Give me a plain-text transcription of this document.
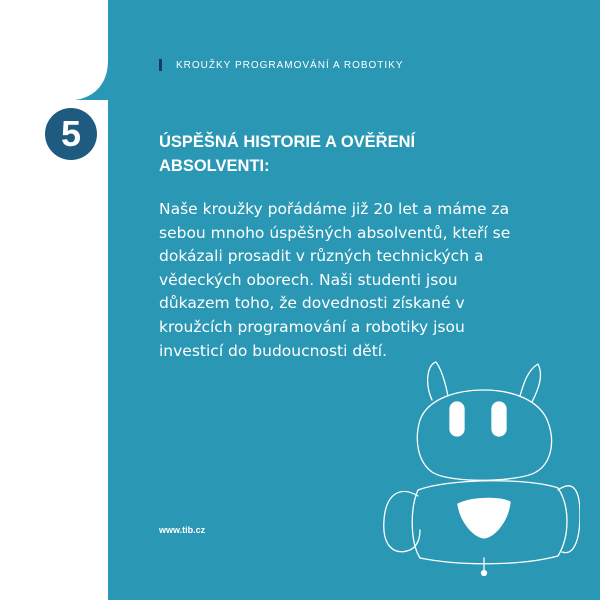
5
KROUŽKY PROGRAMOVÁNÍ A ROBOTIKY
ÚSPĚŠNÁ HISTORIE A OVĚŘENÍ ABSOLVENTI:
Naše kroužky pořádáme již 20 let a máme za sebou mnoho úspěšných absolventů, kteří se dokázali prosadit v různých technických a vědeckých oborech. Naši studenti jsou důkazem toho, že dovednosti získané v kroužcích programování a robotiky jsou investicí do budoucnosti dětí.
www.tib.cz
